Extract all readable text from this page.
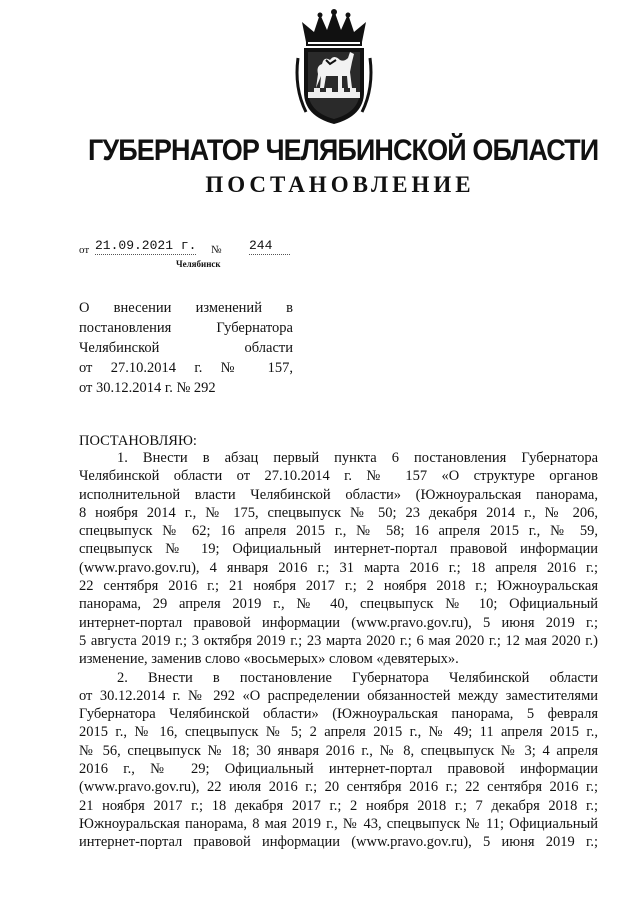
ГУБЕРНАТОР ЧЕЛЯБИНСКОЙ ОБЛАСТИ
ПОСТАНОВЛЕНИЕ
от 21.09.2021 г. № 244
Челябинск
О внесении изменений в
постановления Губернатора
Челябинской области
от 27.10.2014 г. № 157,
от 30.12.2014 г. № 292
ПОСТАНОВЛЯЮ:
1. Внести в абзац первый пункта 6 постановления Губернатора
Челябинской области от 27.10.2014 г. № 157 «О структуре органов
исполнительной власти Челябинской области» (Южноуральская панорама,
8 ноября 2014 г., № 175, спецвыпуск № 50; 23 декабря 2014 г., № 206,
спецвыпуск № 62; 16 апреля 2015 г., № 58; 16 апреля 2015 г., № 59,
спецвыпуск № 19; Официальный интернет-портал правовой информации
(www.pravo.gov.ru), 4 января 2016 г.; 31 марта 2016 г.; 18 апреля 2016 г.;
22 сентября 2016 г.; 21 ноября 2017 г.; 2 ноября 2018 г.; Южноуральская
панорама, 29 апреля 2019 г., № 40, спецвыпуск № 10; Официальный
интернет-портал правовой информации (www.pravo.gov.ru), 5 июня 2019 г.;
5 августа 2019 г.; 3 октября 2019 г.; 23 марта 2020 г.; 6 мая 2020 г.; 12 мая 2020 г.)
изменение, заменив слово «восьмерых» словом «девятерых».
2. Внести в постановление Губернатора Челябинской области
от 30.12.2014 г. № 292 «О распределении обязанностей между заместителями
Губернатора Челябинской области» (Южноуральская панорама, 5 февраля
2015 г., № 16, спецвыпуск № 5; 2 апреля 2015 г., № 49; 11 апреля 2015 г.,
№ 56, спецвыпуск № 18; 30 января 2016 г., № 8, спецвыпуск № 3; 4 апреля
2016 г., № 29; Официальный интернет-портал правовой информации
(www.pravo.gov.ru), 22 июля 2016 г.; 20 сентября 2016 г.; 22 сентября 2016 г.;
21 ноября 2017 г.; 18 декабря 2017 г.; 2 ноября 2018 г.; 7 декабря 2018 г.;
Южноуральская панорама, 8 мая 2019 г., № 43, спецвыпуск № 11; Официальный
интернет-портал правовой информации (www.pravo.gov.ru), 5 июня 2019 г.;
